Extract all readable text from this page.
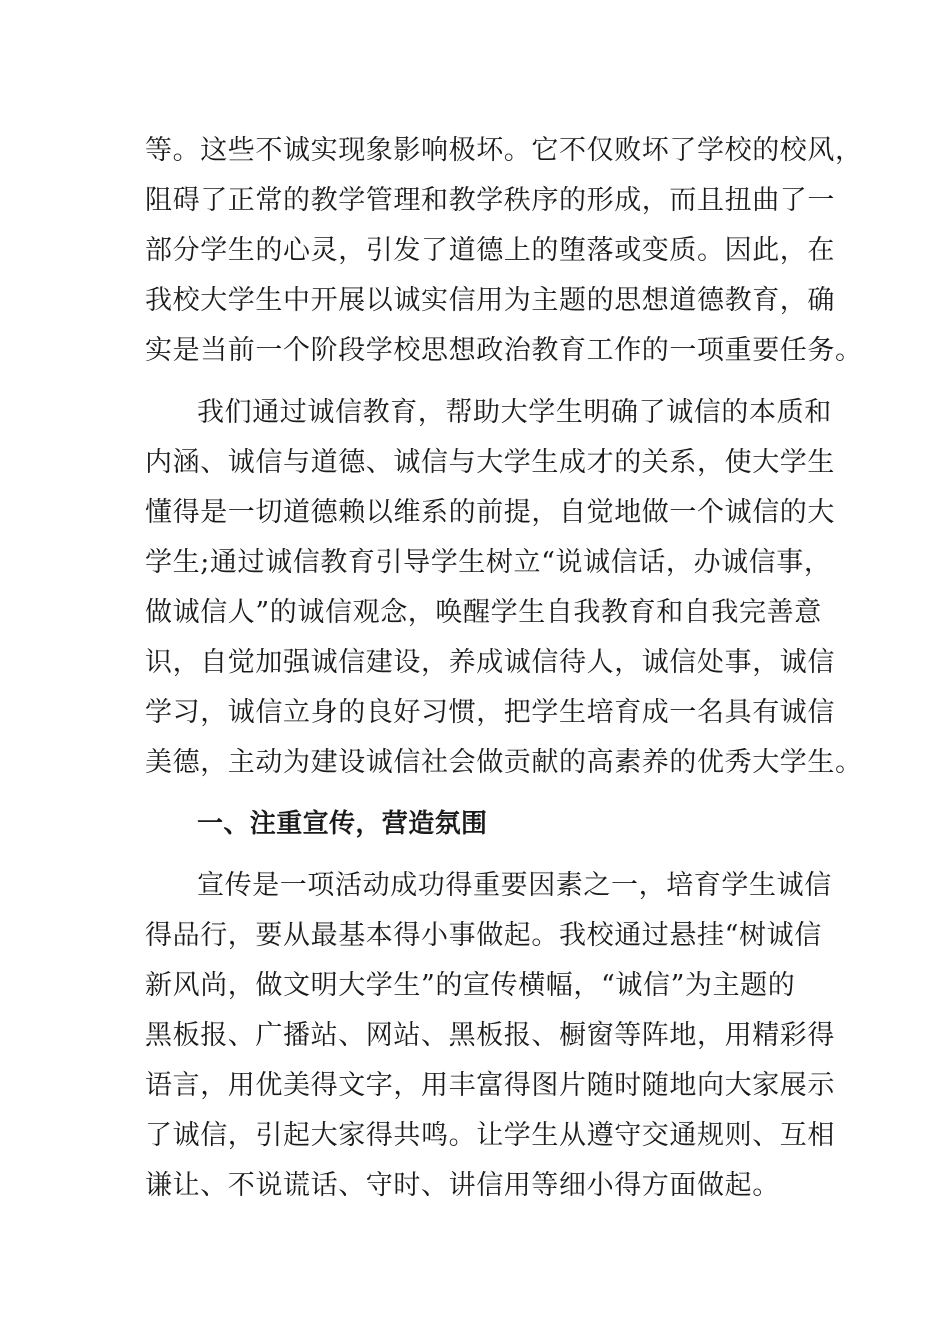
等。这些不诚实现象影响极坏。它不仅败坏了学校的校风，
阻碍了正常的教学管理和教学秩序的形成，而且扭曲了一
部分学生的心灵，引发了道德上的堕落或变质。因此，在
我校大学生中开展以诚实信用为主题的思想道德教育，确
实是当前一个阶段学校思想政治教育工作的一项重要任务。
我们通过诚信教育，帮助大学生明确了诚信的本质和
内涵、诚信与道德、诚信与大学生成才的关系，使大学生
懂得是一切道德赖以维系的前提，自觉地做一个诚信的大
学生;通过诚信教育引导学生树立“说诚信话，办诚信事，
做诚信人”的诚信观念，唤醒学生自我教育和自我完善意
识，自觉加强诚信建设，养成诚信待人，诚信处事，诚信
学习，诚信立身的良好习惯，把学生培育成一名具有诚信
美德，主动为建设诚信社会做贡献的高素养的优秀大学生。
一、注重宣传，营造氛围
宣传是一项活动成功得重要因素之一，培育学生诚信
得品行，要从最基本得小事做起。我校通过悬挂“树诚信
新风尚，做文明大学生”的宣传横幅，“诚信”为主题的
黑板报、广播站、网站、黑板报、橱窗等阵地，用精彩得
语言，用优美得文字，用丰富得图片随时随地向大家展示
了诚信，引起大家得共鸣。让学生从遵守交通规则、互相
谦让、不说谎话、守时、讲信用等细小得方面做起。
